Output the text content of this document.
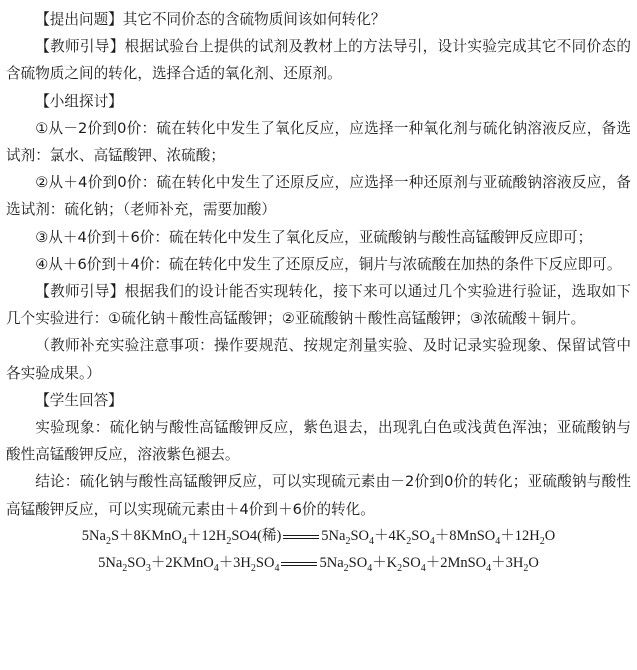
【提出问题】其它不同价态的含硫物质间该如何转化？

【教师引导】根据试验台上提供的试剂及教材上的方法导引，设计实验完成其它不同价态的含硫物质之间的转化，选择合适的氧化剂、还原剂。

【小组探讨】

①从－2价到0价：硫在转化中发生了氧化反应，应选择一种氧化剂与硫化钠溶液反应，备选试剂：氯水、高锰酸钾、浓硫酸；

②从＋4价到0价：硫在转化中发生了还原反应，应选择一种还原剂与亚硫酸钠溶液反应，备选试剂：硫化钠；（老师补充，需要加酸）

③从＋4价到＋6价：硫在转化中发生了氧化反应，亚硫酸钠与酸性高锰酸钾反应即可；

④从＋6价到＋4价：硫在转化中发生了还原反应，铜片与浓硫酸在加热的条件下反应即可。

【教师引导】根据我们的设计能否实现转化，接下来可以通过几个实验进行验证，选取如下几个实验进行：①硫化钠＋酸性高锰酸钾；②亚硫酸钠＋酸性高锰酸钾；③浓硫酸＋铜片。

（教师补充实验注意事项：操作要规范、按规定剂量实验、及时记录实验现象、保留试管中各实验成果。）

【学生回答】

实验现象：硫化钠与酸性高锰酸钾反应，紫色退去，出现乳白色或浅黄色浑浊；亚硫酸钠与酸性高锰酸钾反应，溶液紫色褪去。

结论：硫化钠与酸性高锰酸钾反应，可以实现硫元素由－2价到0价的转化；亚硫酸钠与酸性高锰酸钾反应，可以实现硫元素由＋4价到＋6价的转化。

$5Na_2S+8KMnO_4+12H_2SO4$(稀)	$5Na_2SO_4+4K_2SO_4+8MnSO_4+12H_2O$

$5Na_2SO_3+2KMnO_4+3H_2SO_4$	$5Na_2SO_4+K_2SO_4+2MnSO_4+3H_2O$
